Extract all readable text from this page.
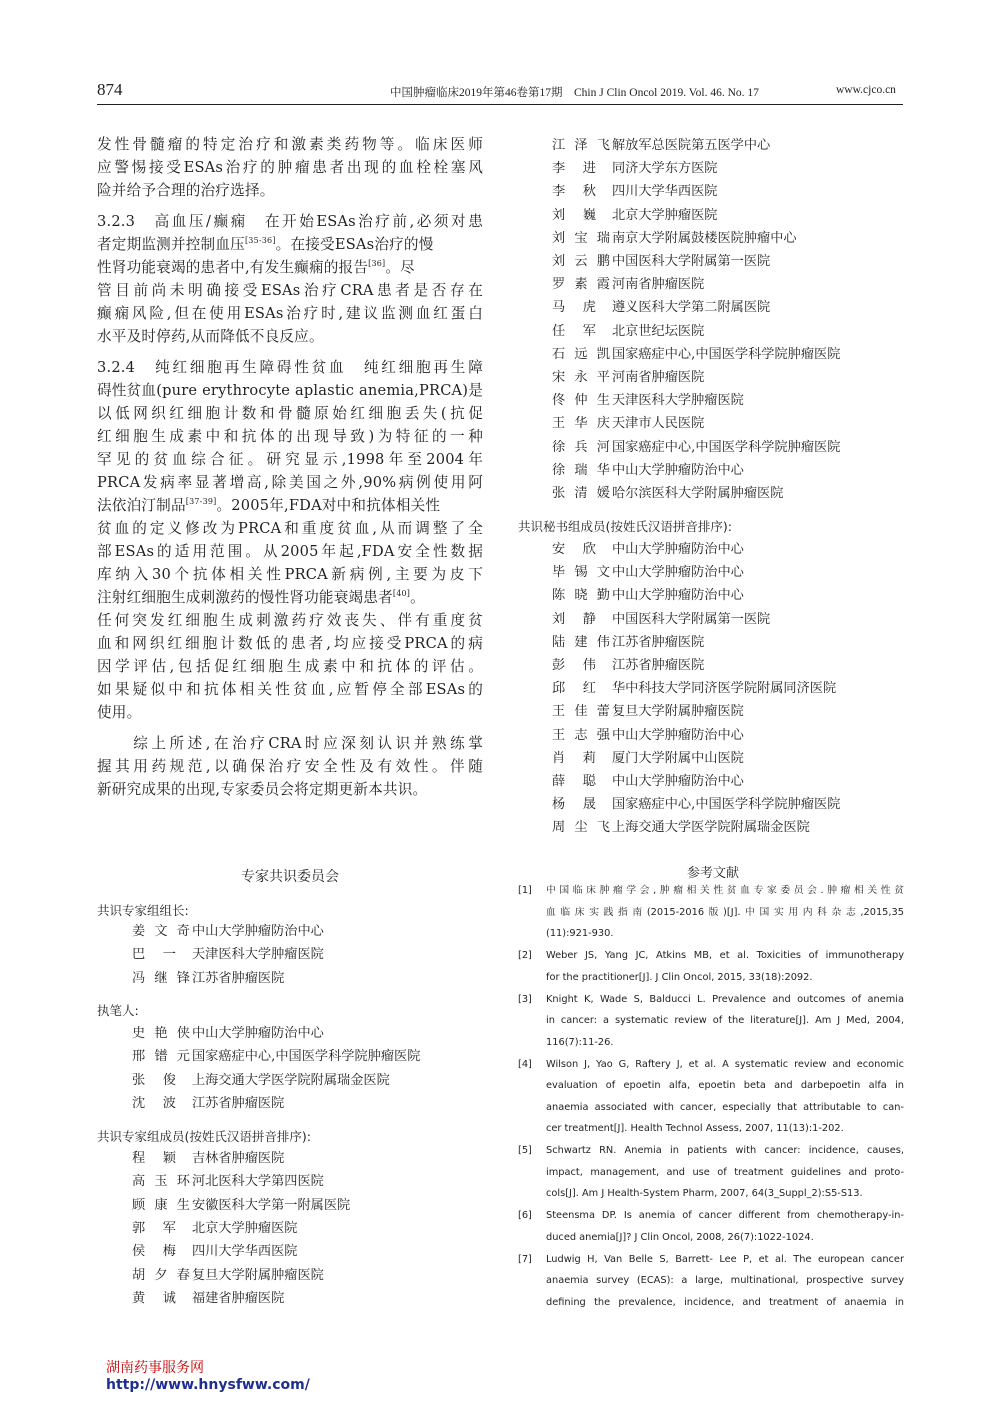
874	中国肿瘤临床2019年第46卷第17期　Chin J Clin Oncol 2019. Vol. 46. No. 17	www.cjco.cn
发性骨髓瘤的特定治疗和激素类药物等。临床医师
应警惕接受ESAs治疗的肿瘤患者出现的血栓栓塞风
险并给予合理的治疗选择。
3.2.3　高血压/癫痫　在开始ESAs治疗前,必须对患
者定期监测并控制血压[35-36]。在接受ESAs治疗的慢
性肾功能衰竭的患者中,有发生癫痫的报告[36]。尽
管目前尚未明确接受ESAs治疗CRA患者是否存在
癫痫风险,但在使用ESAs治疗时,建议监测血红蛋白
水平及时停药,从而降低不良反应。
3.2.4　纯红细胞再生障碍性贫血　纯红细胞再生障
碍性贫血(pure erythrocyte aplastic anemia,PRCA)是
以低网织红细胞计数和骨髓原始红细胞丢失(抗促
红细胞生成素中和抗体的出现导致)为特征的一种
罕见的贫血综合征。研究显示,1998年至2004年
PRCA发病率显著增高,除美国之外,90%病例使用阿
法依泊汀制品[37-39]。2005年,FDA对中和抗体相关性
贫血的定义修改为PRCA和重度贫血,从而调整了全
部ESAs的适用范围。从2005年起,FDA安全性数据
库纳入30个抗体相关性PRCA新病例,主要为皮下
注射红细胞生成刺激药的慢性肾功能衰竭患者[40]。
任何突发红细胞生成刺激药疗效丧失、伴有重度贫
血和网织红细胞计数低的患者,均应接受PRCA的病
因学评估,包括促红细胞生成素中和抗体的评估。
如果疑似中和抗体相关性贫血,应暂停全部ESAs的
使用。
　　综上所述,在治疗CRA时应深刻认识并熟练掌
握其用药规范,以确保治疗安全性及有效性。伴随
新研究成果的出现,专家委员会将定期更新本共识。
专家共识委员会
共识专家组组长:
姜文奇 中山大学肿瘤防治中心
巴一 天津医科大学肿瘤医院
冯继锋 江苏省肿瘤医院
执笔人:
史艳侠 中山大学肿瘤防治中心
邢镨元 国家癌症中心,中国医学科学院肿瘤医院
张俊 上海交通大学医学院附属瑞金医院
沈波 江苏省肿瘤医院
共识专家组成员(按姓氏汉语拼音排序):
程颖 吉林省肿瘤医院
高玉环 河北医科大学第四医院
顾康生 安徽医科大学第一附属医院
郭军 北京大学肿瘤医院
侯梅 四川大学华西医院
胡夕春 复旦大学附属肿瘤医院
黄诚 福建省肿瘤医院
江泽飞 解放军总医院第五医学中心
李进 同济大学东方医院
李秋 四川大学华西医院
刘巍 北京大学肿瘤医院
刘宝瑞 南京大学附属鼓楼医院肿瘤中心
刘云鹏 中国医科大学附属第一医院
罗素霞 河南省肿瘤医院
马虎 遵义医科大学第二附属医院
任军 北京世纪坛医院
石远凯 国家癌症中心,中国医学科学院肿瘤医院
宋永平 河南省肿瘤医院
佟仲生 天津医科大学肿瘤医院
王华庆 天津市人民医院
徐兵河 国家癌症中心,中国医学科学院肿瘤医院
徐瑞华 中山大学肿瘤防治中心
张清媛 哈尔滨医科大学附属肿瘤医院
共识秘书组成员(按姓氏汉语拼音排序):
安欣 中山大学肿瘤防治中心
毕锡文 中山大学肿瘤防治中心
陈晓勤 中山大学肿瘤防治中心
刘静 中国医科大学附属第一医院
陆建伟 江苏省肿瘤医院
彭伟 江苏省肿瘤医院
邱红 华中科技大学同济医学院附属同济医院
王佳蕾 复旦大学附属肿瘤医院
王志强 中山大学肿瘤防治中心
肖莉 厦门大学附属中山医院
薛聪 中山大学肿瘤防治中心
杨晟 国家癌症中心,中国医学科学院肿瘤医院
周尘飞 上海交通大学医学院附属瑞金医院
参考文献
[1] 中国临床肿瘤学会,肿瘤相关性贫血专家委员会.肿瘤相关性贫
血临床实践指南(2015-2016版)[J].中国实用内科杂志,2015,35
(11):921-930.
[2] Weber JS, Yang JC, Atkins MB, et al. Toxicities of immunotherapy
for the practitioner[J]. J Clin Oncol, 2015, 33(18):2092.
[3] Knight K, Wade S, Balducci L. Prevalence and outcomes of anemia
in cancer: a systematic review of the literature[J]. Am J Med, 2004,
116(7):11-26.
[4] Wilson J, Yao G, Raftery J, et al. A systematic review and economic
evaluation of epoetin alfa, epoetin beta and darbepoetin alfa in
anaemia associated with cancer, especially that attributable to can-
cer treatment[J]. Health Technol Assess, 2007, 11(13):1-202.
[5] Schwartz RN. Anemia in patients with cancer: incidence, causes,
impact, management, and use of treatment guidelines and proto-
cols[J]. Am J Health-System Pharm, 2007, 64(3_Suppl_2):S5-S13.
[6] Steensma DP. Is anemia of cancer different from chemotherapy-in-
duced anemia[J]? J Clin Oncol, 2008, 26(7):1022-1024.
[7] Ludwig H, Van Belle S, Barrett- Lee P, et al. The european cancer
anaemia survey (ECAS): a large, multinational, prospective survey
defining the prevalence, incidence, and treatment of anaemia in
湖南药事服务网
http://www.hnysfww.com/
